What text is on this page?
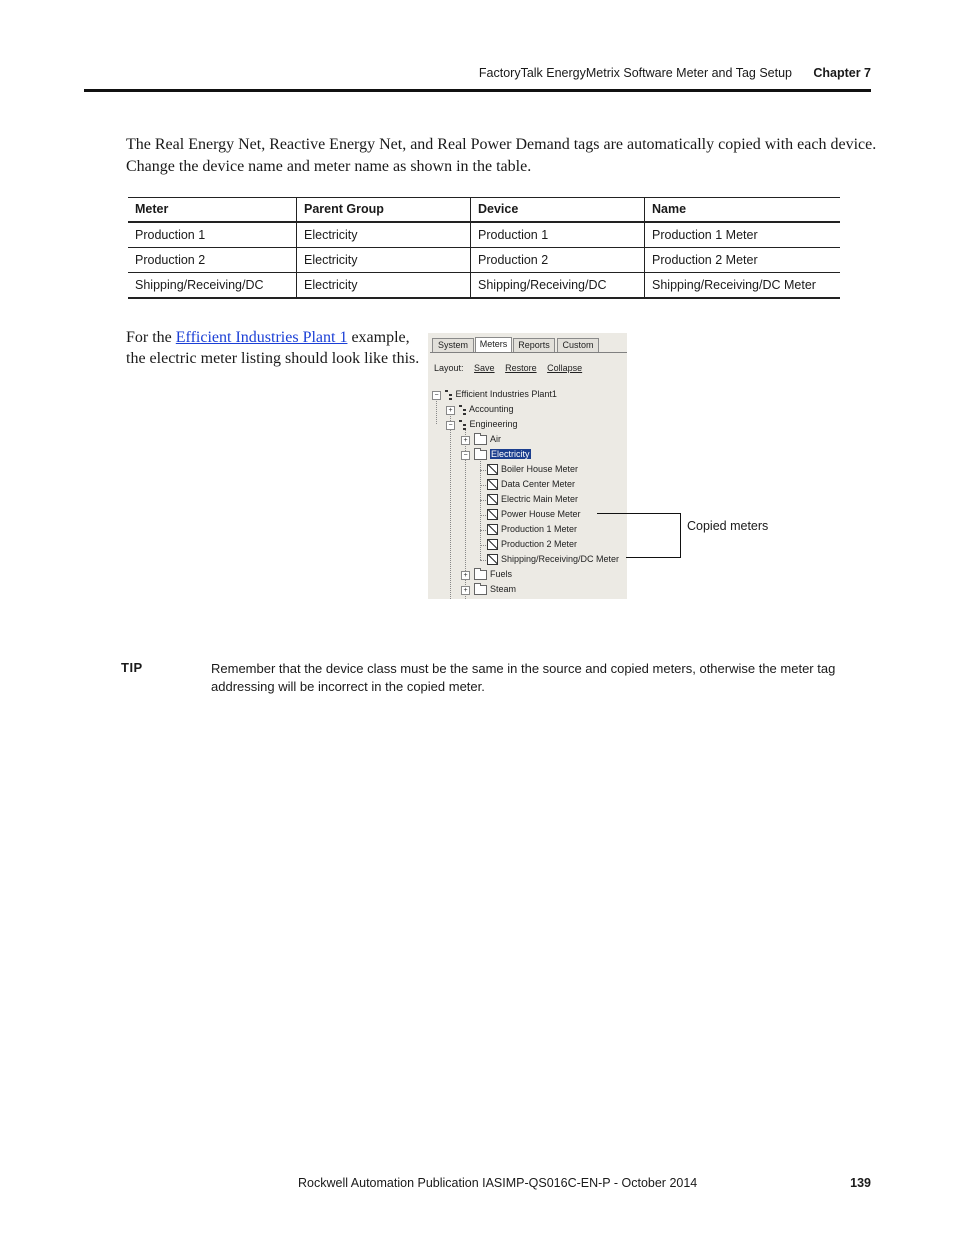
FactoryTalk EnergyMetrix Software Meter and Tag Setup Chapter 7
The Real Energy Net, Reactive Energy Net, and Real Power Demand tags are automatically copied with each device. Change the device name and meter name as shown in the table.
Meter	Parent Group	Device	Name
Production 1	Electricity	Production 1	Production 1 Meter
Production 2	Electricity	Production 2	Production 2 Meter
Shipping/Receiving/DC	Electricity	Shipping/Receiving/DC	Shipping/Receiving/DC Meter
For the Efficient Industries Plant 1 example, the electric meter listing should look like this.
System	Meters	Reports	Custom
Layout: Save Restore Collapse
−	Efficient Industries Plant1
+	Accounting
−	Engineering
+	Air
−	Electricity
Boiler House Meter
Data Center Meter
Electric Main Meter
Power House Meter
Production 1 Meter
Production 2 Meter
Shipping/Receiving/DC Meter
+	Fuels
+	Steam
Copied meters
TIP	Remember that the device class must be the same in the source and copied meters, otherwise the meter tag addressing will be incorrect in the copied meter.
Rockwell Automation Publication IASIMP-QS016C-EN-P - October 2014	139
